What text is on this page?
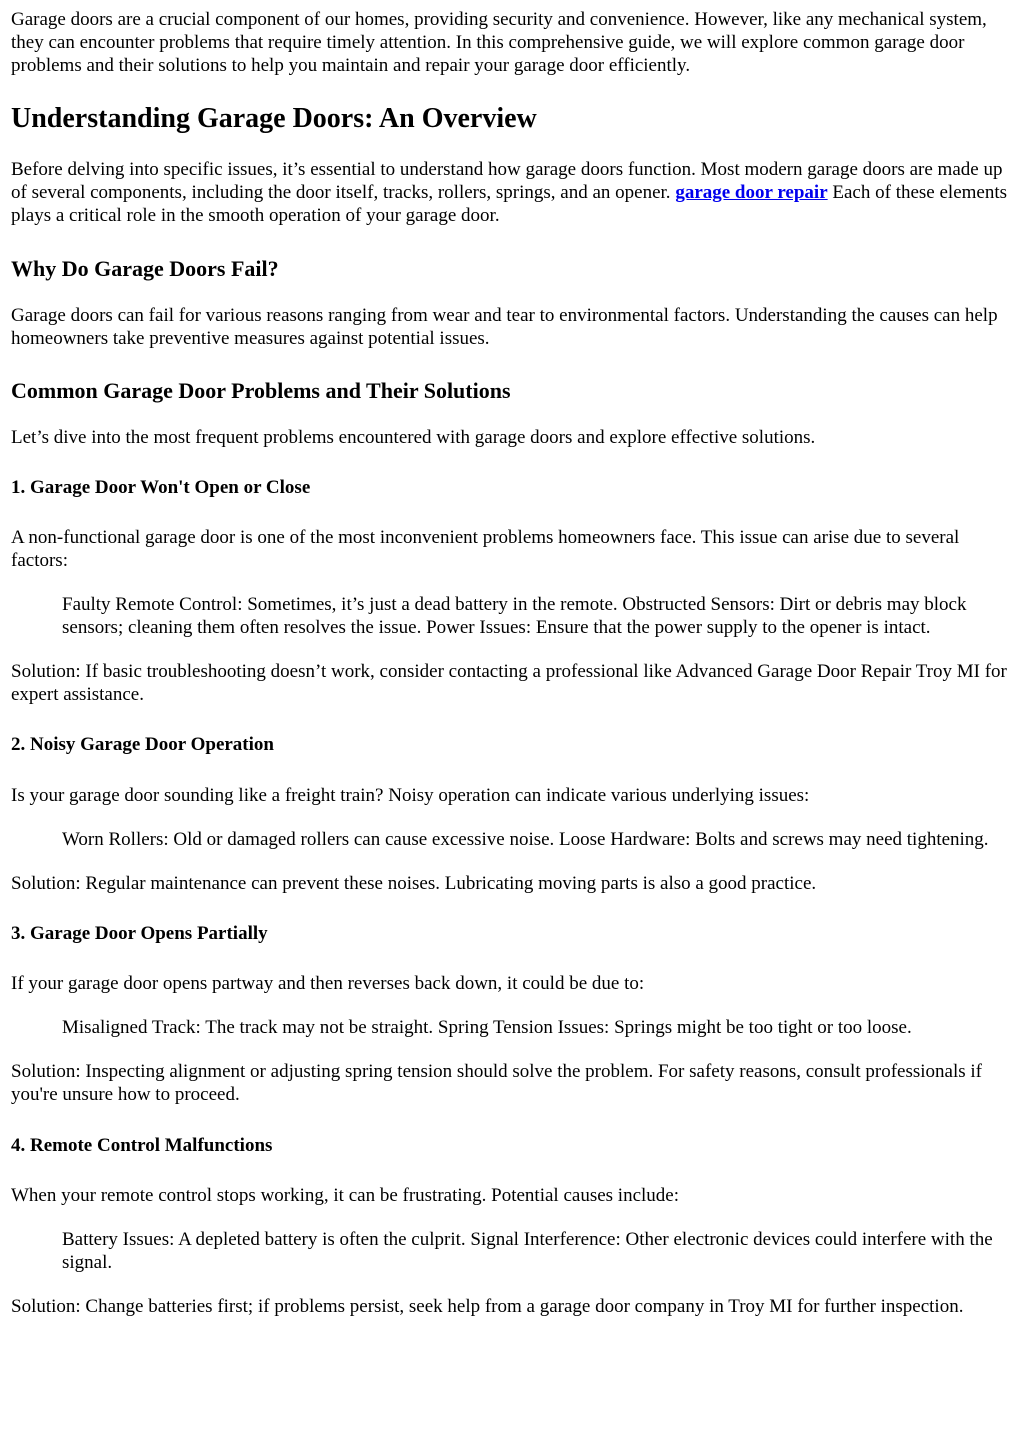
Garage doors are a crucial component of our homes, providing security and convenience. However, like any mechanical system, they can encounter problems that require timely attention. In this comprehensive guide, we will explore common garage door problems and their solutions to help you maintain and repair your garage door efficiently.

Understanding Garage Doors: An Overview

Before delving into specific issues, it’s essential to understand how garage doors function. Most modern garage doors are made up of several components, including the door itself, tracks, rollers, springs, and an opener. garage door repair Each of these elements plays a critical role in the smooth operation of your garage door.

Why Do Garage Doors Fail?

Garage doors can fail for various reasons ranging from wear and tear to environmental factors. Understanding the causes can help homeowners take preventive measures against potential issues.

Common Garage Door Problems and Their Solutions

Let’s dive into the most frequent problems encountered with garage doors and explore effective solutions.

1. Garage Door Won't Open or Close

A non-functional garage door is one of the most inconvenient problems homeowners face. This issue can arise due to several factors:

Faulty Remote Control: Sometimes, it’s just a dead battery in the remote. Obstructed Sensors: Dirt or debris may block sensors; cleaning them often resolves the issue. Power Issues: Ensure that the power supply to the opener is intact.

Solution: If basic troubleshooting doesn’t work, consider contacting a professional like Advanced Garage Door Repair Troy MI for expert assistance.

2. Noisy Garage Door Operation

Is your garage door sounding like a freight train? Noisy operation can indicate various underlying issues:

Worn Rollers: Old or damaged rollers can cause excessive noise. Loose Hardware: Bolts and screws may need tightening.

Solution: Regular maintenance can prevent these noises. Lubricating moving parts is also a good practice.

3. Garage Door Opens Partially

If your garage door opens partway and then reverses back down, it could be due to:

Misaligned Track: The track may not be straight. Spring Tension Issues: Springs might be too tight or too loose.

Solution: Inspecting alignment or adjusting spring tension should solve the problem. For safety reasons, consult professionals if you're unsure how to proceed.

4. Remote Control Malfunctions

When your remote control stops working, it can be frustrating. Potential causes include:

Battery Issues: A depleted battery is often the culprit. Signal Interference: Other electronic devices could interfere with the signal.

Solution: Change batteries first; if problems persist, seek help from a garage door company in Troy MI for further inspection.
